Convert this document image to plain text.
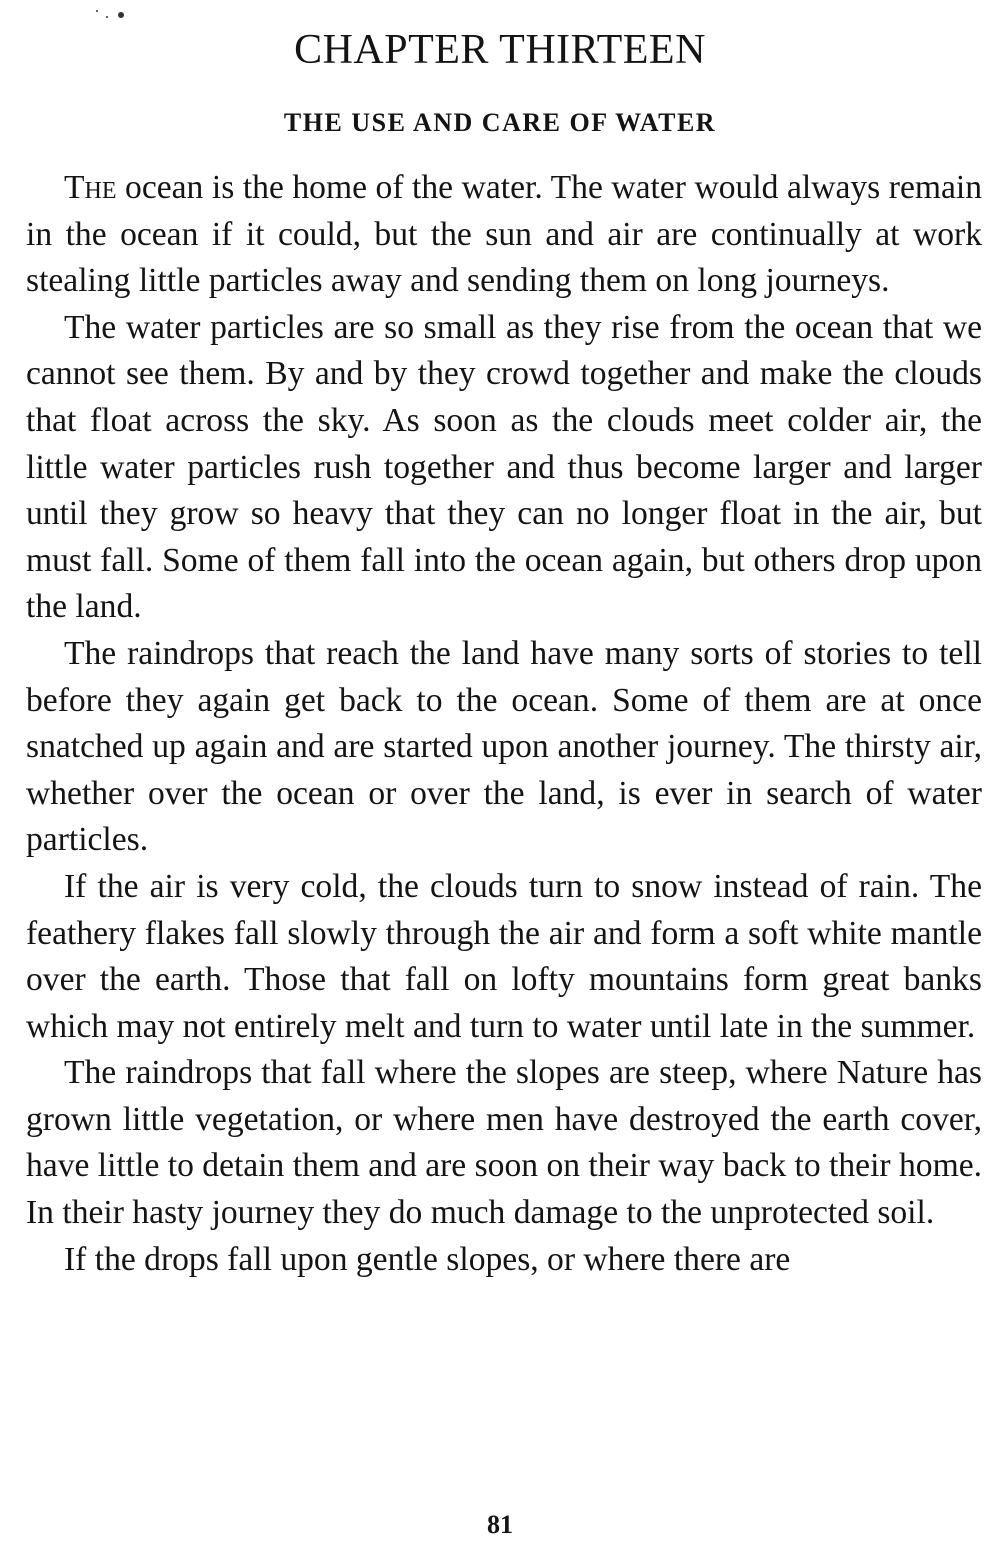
CHAPTER THIRTEEN
THE USE AND CARE OF WATER

The ocean is the home of the water. The water would always remain in the ocean if it could, but the sun and air are continually at work stealing little particles away and sending them on long journeys.

The water particles are so small as they rise from the ocean that we cannot see them. By and by they crowd together and make the clouds that float across the sky. As soon as the clouds meet colder air, the little water particles rush together and thus become larger and larger until they grow so heavy that they can no longer float in the air, but must fall. Some of them fall into the ocean again, but others drop upon the land.

The raindrops that reach the land have many sorts of stories to tell before they again get back to the ocean. Some of them are at once snatched up again and are started upon another journey. The thirsty air, whether over the ocean or over the land, is ever in search of water particles.

If the air is very cold, the clouds turn to snow instead of rain. The feathery flakes fall slowly through the air and form a soft white mantle over the earth. Those that fall on lofty mountains form great banks which may not entirely melt and turn to water until late in the summer.

The raindrops that fall where the slopes are steep, where Nature has grown little vegetation, or where men have destroyed the earth cover, have little to detain them and are soon on their way back to their home. In their hasty journey they do much damage to the unprotected soil.

If the drops fall upon gentle slopes, or where there are

81
